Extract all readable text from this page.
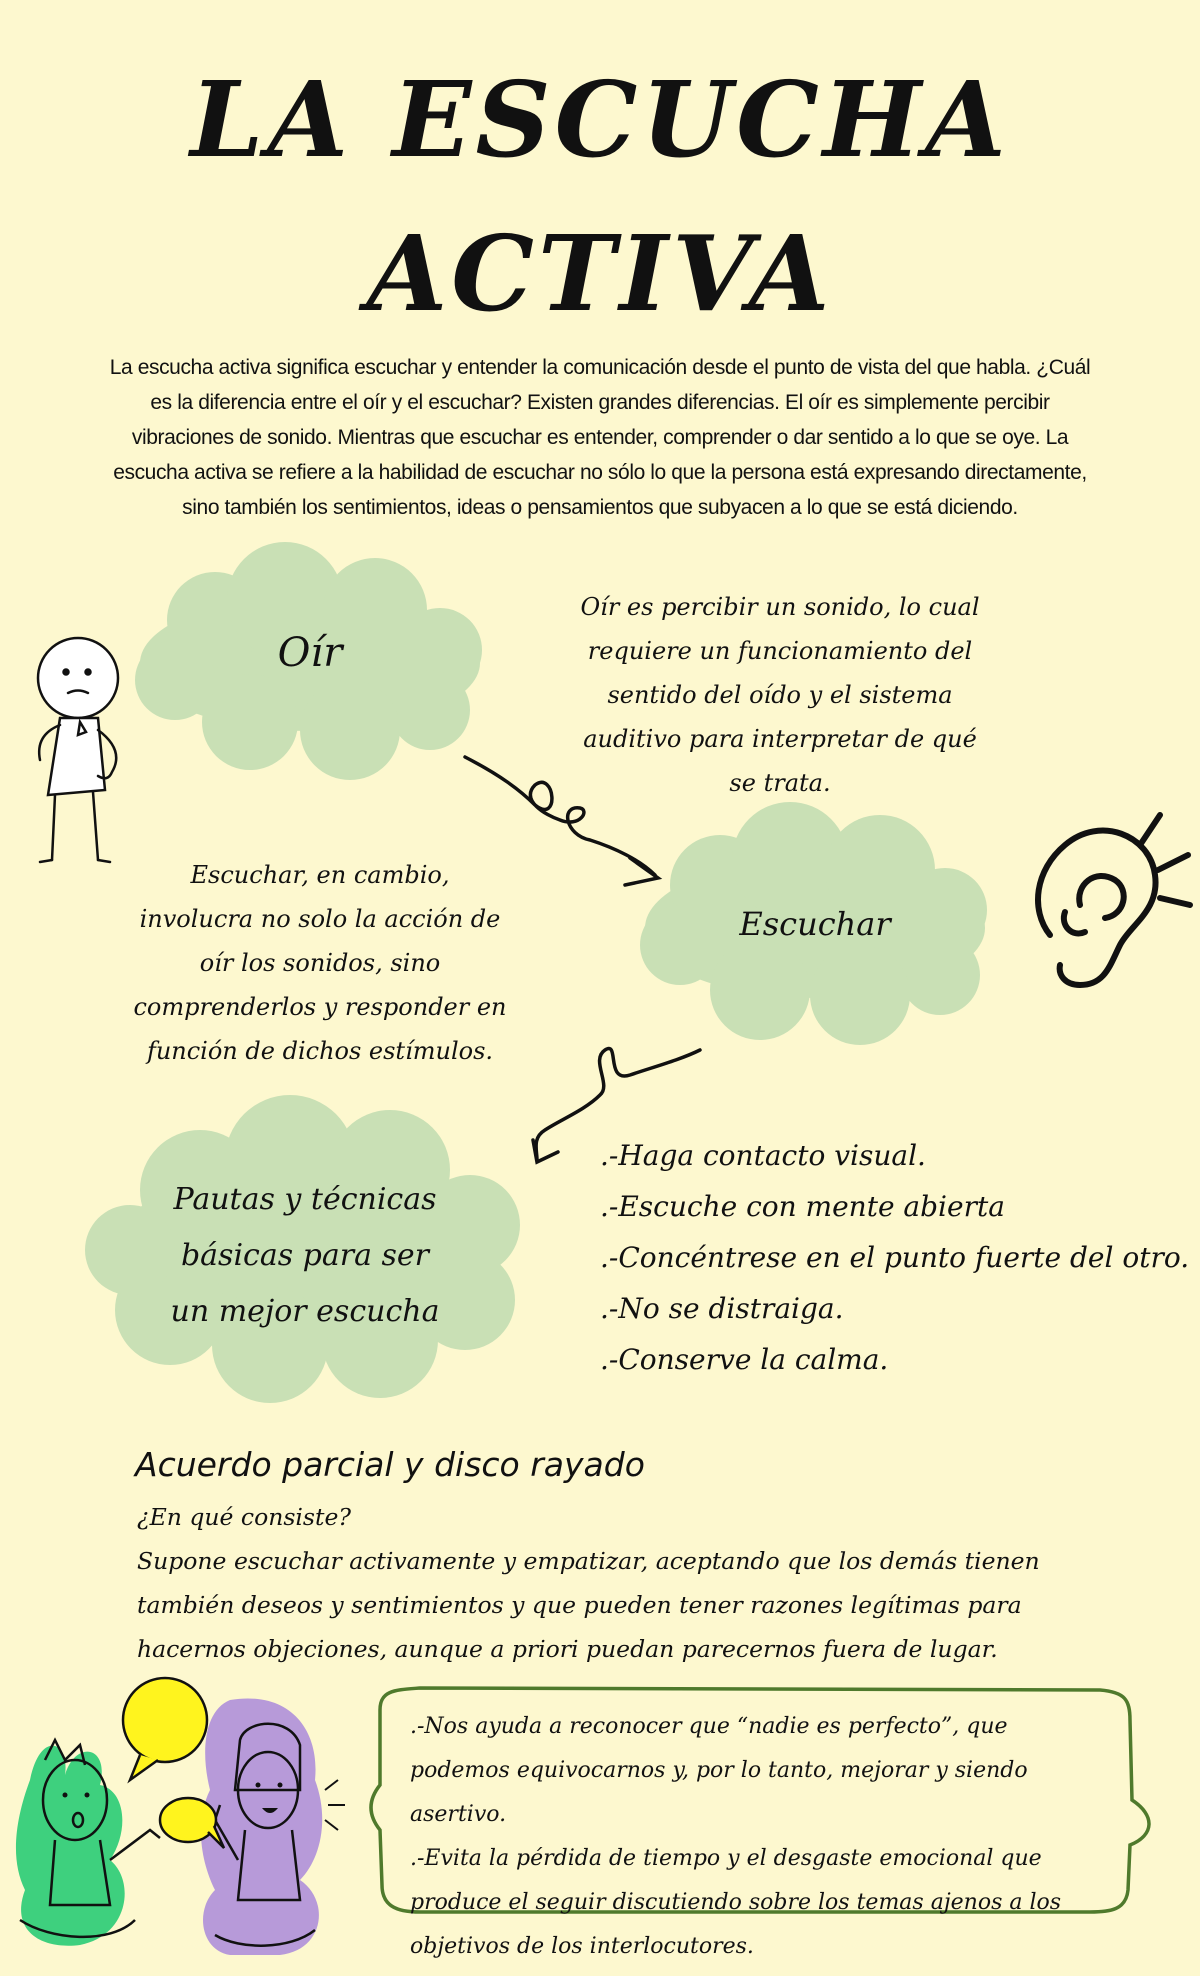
LA ESCUCHA
ACTIVA
La escucha activa significa escuchar y entender la comunicación desde el punto de vista del que habla. ¿Cuál es la diferencia entre el oír y el escuchar? Existen grandes diferencias. El oír es simplemente percibir vibraciones de sonido. Mientras que escuchar es entender, comprender o dar sentido a lo que se oye. La escucha activa se refiere a la habilidad de escuchar no sólo lo que la persona está expresando directamente, sino también los sentimientos, ideas o pensamientos que subyacen a lo que se está diciendo.
Oír
Escuchar
Pautas y técnicas
básicas para ser
un mejor escucha
Oír es percibir un sonido, lo cual requiere un funcionamiento del sentido del oído y el sistema auditivo para interpretar de qué se trata.
Escuchar, en cambio, involucra no solo la acción de oír los sonidos, sino comprenderlos y responder en función de dichos estímulos.
.-Haga contacto visual.
.-Escuche con mente abierta
.-Concéntrese en el punto fuerte del otro.
.-No se distraiga.
.-Conserve la calma.
Acuerdo parcial y disco rayado
¿En qué consiste?
Supone escuchar activamente y empatizar, aceptando que los demás tienen también deseos y sentimientos y que pueden tener razones legítimas para hacernos objeciones, aunque a priori puedan parecernos fuera de lugar.
.-Nos ayuda a reconocer que “nadie es perfecto”, que podemos equivocarnos y, por lo tanto, mejorar y siendo asertivo.
.-Evita la pérdida de tiempo y el desgaste emocional que produce el seguir discutiendo sobre los temas ajenos a los objetivos de los interlocutores.
